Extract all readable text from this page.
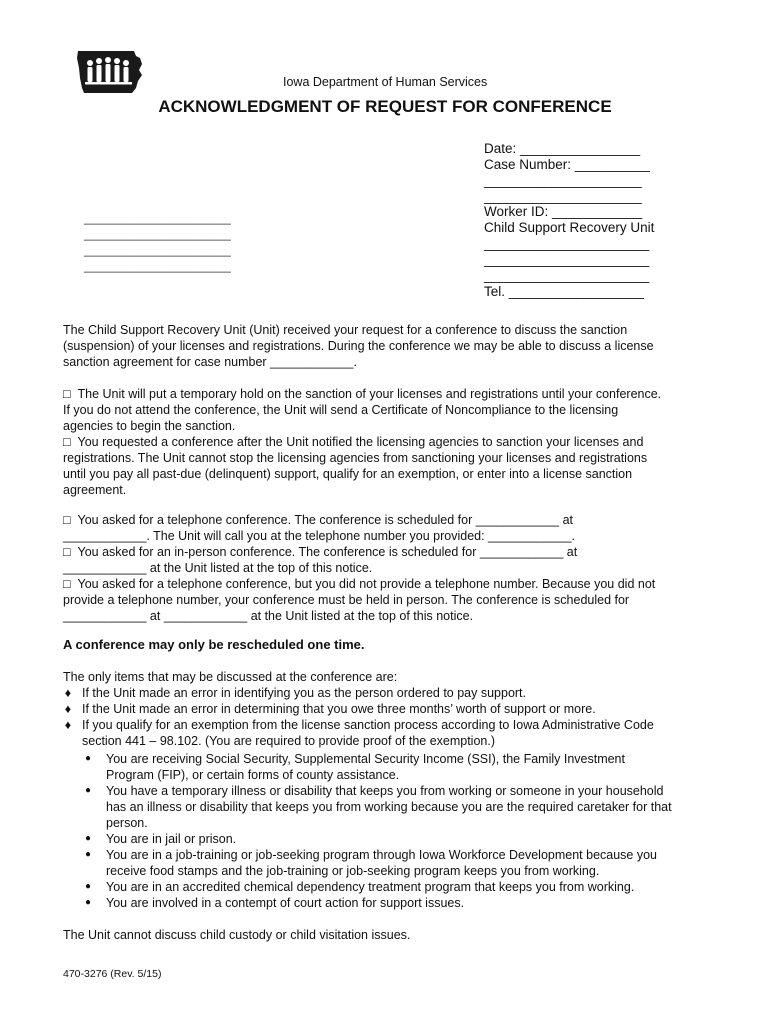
Iowa Department of Human Services
ACKNOWLEDGMENT OF REQUEST FOR CONFERENCE
Date: ________________
Case Number: __________
_____________________
_____________________
Worker ID: ____________
Child Support Recovery Unit
______________________
______________________
______________________
Tel. __________________
______________________
______________________
______________________
______________________
The Child Support Recovery Unit (Unit) received your request for a conference to discuss the sanction
(suspension) of your licenses and registrations. During the conference we may be able to discuss a license
sanction agreement for case number ____________.
□ The Unit will put a temporary hold on the sanction of your licenses and registrations until your conference.
If you do not attend the conference, the Unit will send a Certificate of Noncompliance to the licensing
agencies to begin the sanction.
□ You requested a conference after the Unit notified the licensing agencies to sanction your licenses and
registrations. The Unit cannot stop the licensing agencies from sanctioning your licenses and registrations
until you pay all past-due (delinquent) support, qualify for an exemption, or enter into a license sanction
agreement.
□ You asked for a telephone conference. The conference is scheduled for ____________ at
____________. The Unit will call you at the telephone number you provided: ____________.
□ You asked for an in-person conference. The conference is scheduled for ____________ at
____________ at the Unit listed at the top of this notice.
□ You asked for a telephone conference, but you did not provide a telephone number. Because you did not
provide a telephone number, your conference must be held in person. The conference is scheduled for
____________ at ____________ at the Unit listed at the top of this notice.
A conference may only be rescheduled one time.
The only items that may be discussed at the conference are:
♦ If the Unit made an error in identifying you as the person ordered to pay support.
♦ If the Unit made an error in determining that you owe three months’ worth of support or more.
♦ If you qualify for an exemption from the license sanction process according to Iowa Administrative Code
section 441 – 98.102. (You are required to provide proof of the exemption.)
●	You are receiving Social Security, Supplemental Security Income (SSI), the Family Investment
Program (FIP), or certain forms of county assistance.
●	You have a temporary illness or disability that keeps you from working or someone in your household
has an illness or disability that keeps you from working because you are the required caretaker for that
person.
●	You are in jail or prison.
●	You are in a job-training or job-seeking program through Iowa Workforce Development because you
receive food stamps and the job-training or job-seeking program keeps you from working.
●	You are in an accredited chemical dependency treatment program that keeps you from working.
●	You are involved in a contempt of court action for support issues.
The Unit cannot discuss child custody or child visitation issues.
470-3276 (Rev. 5/15)
